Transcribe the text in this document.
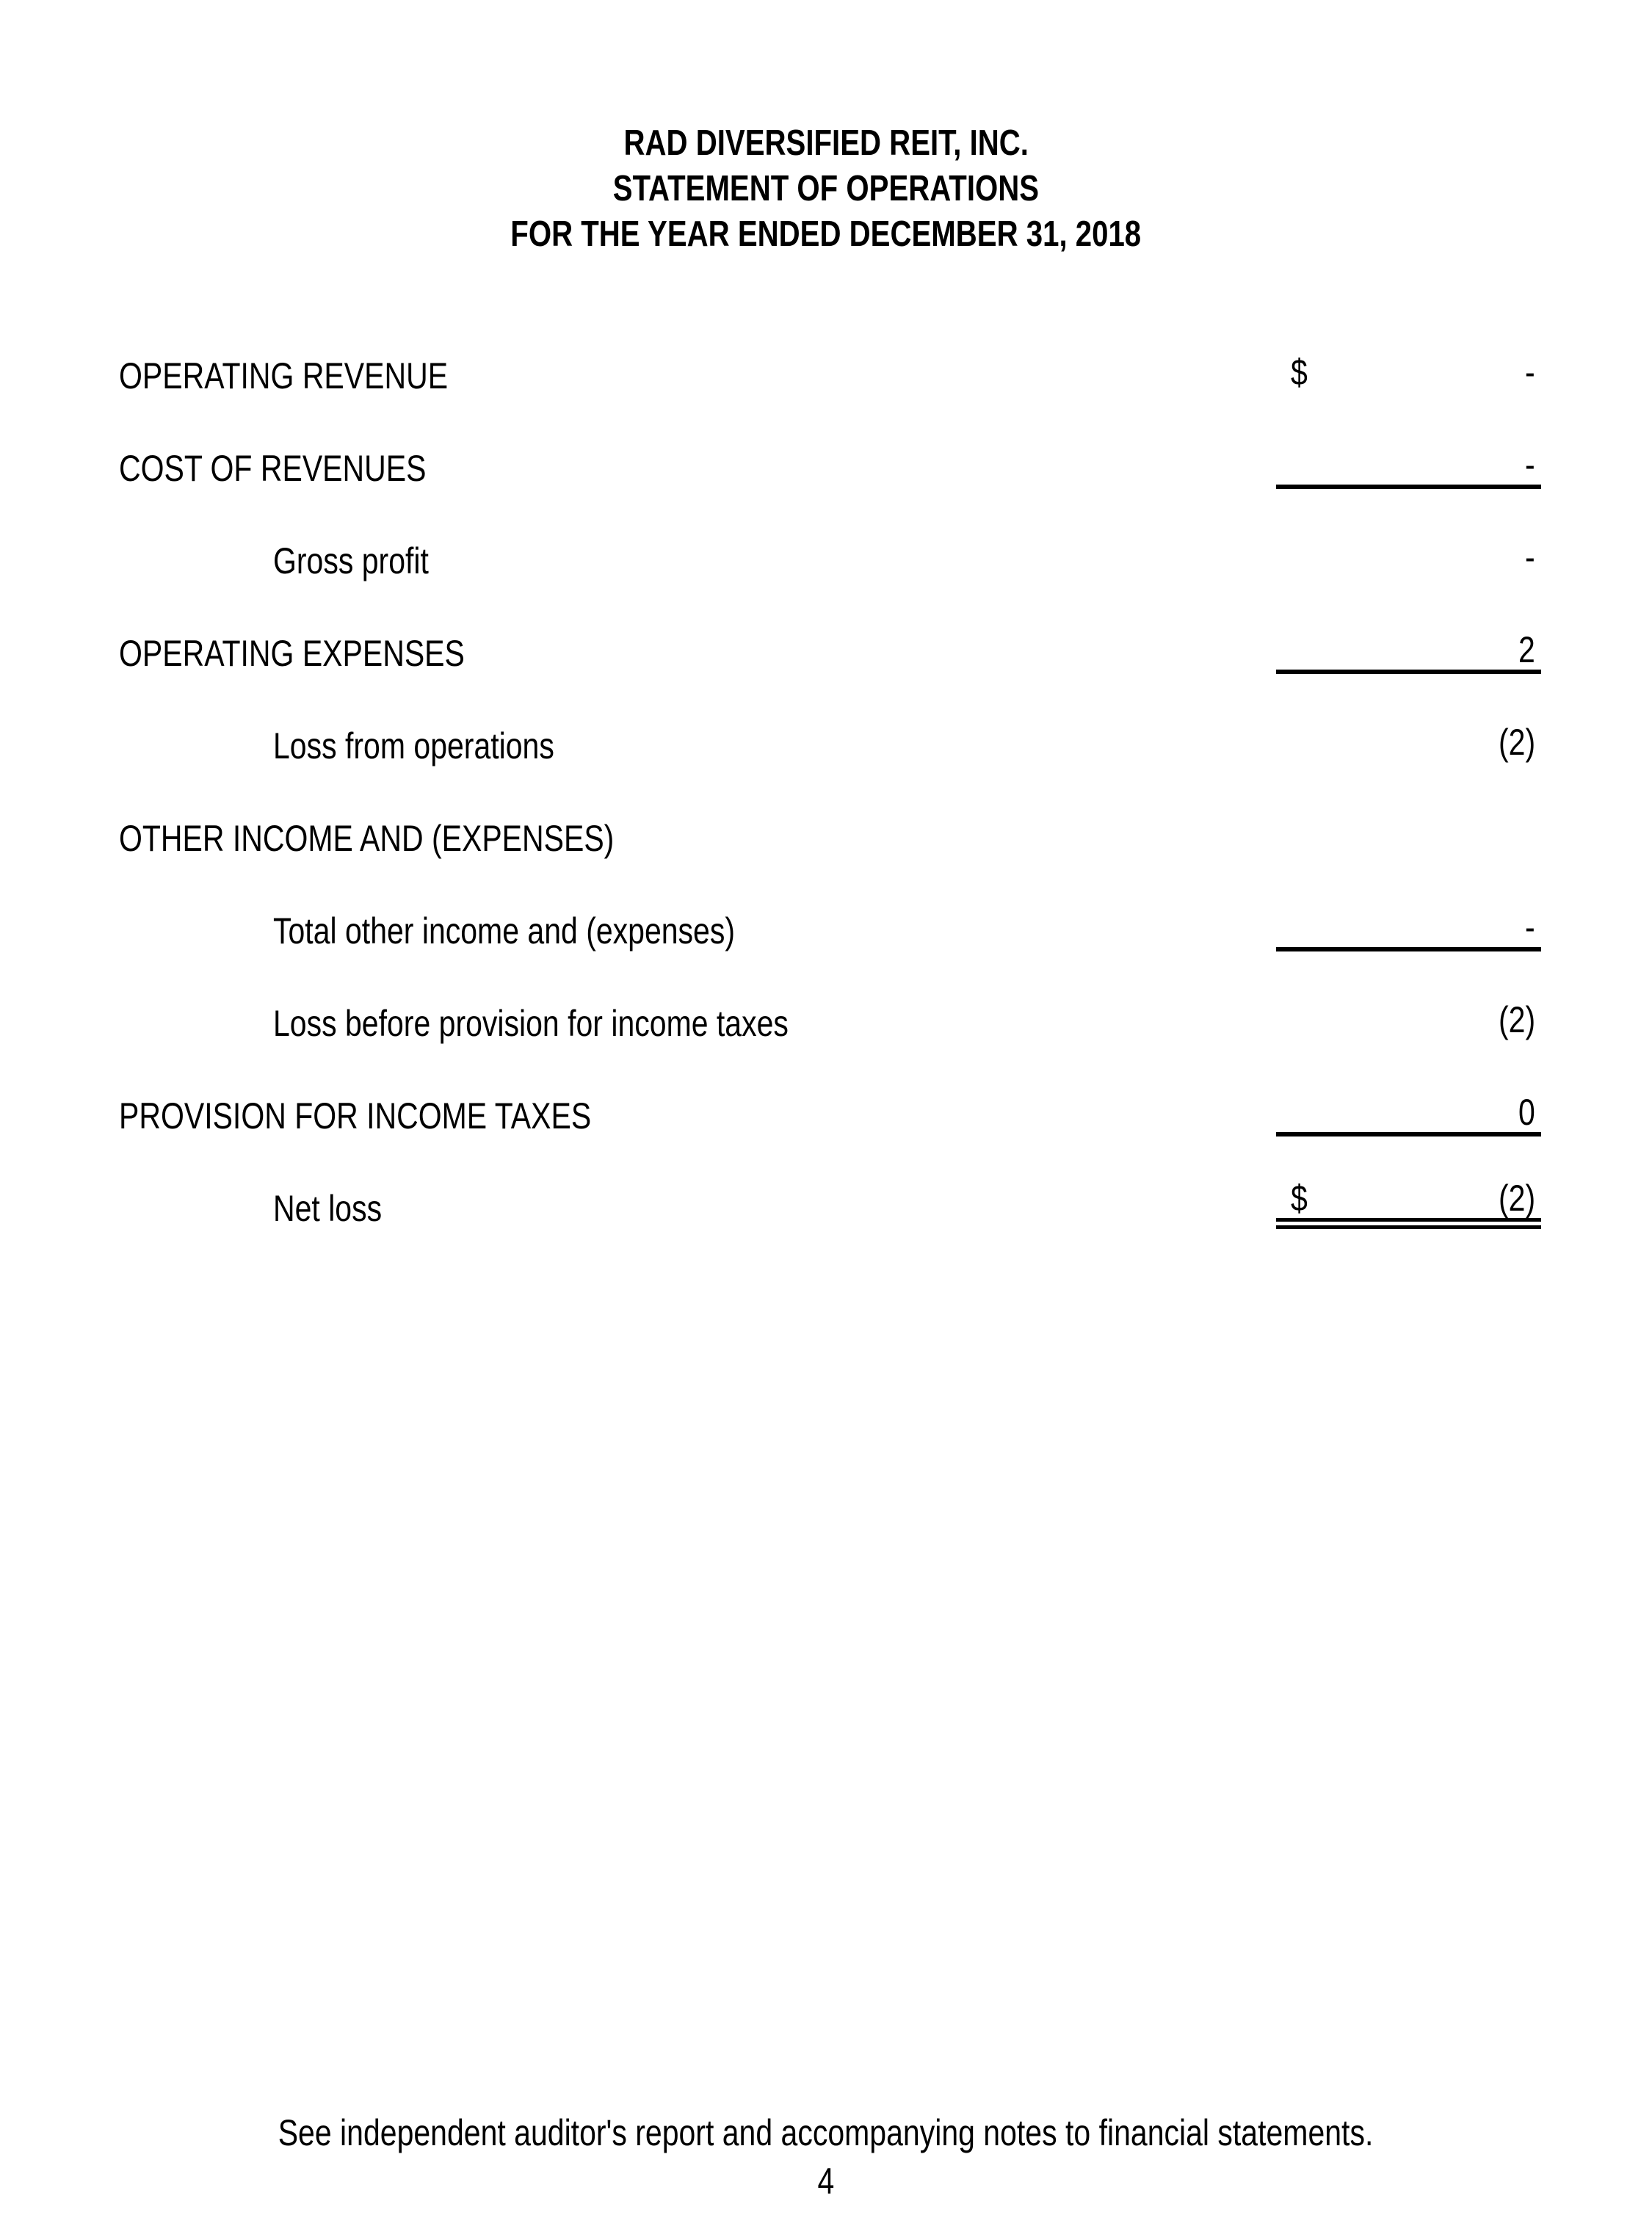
RAD DIVERSIFIED REIT, INC.
STATEMENT OF OPERATIONS
FOR THE YEAR ENDED DECEMBER 31, 2018
OPERATING REVENUE	$	-
COST OF REVENUES	-
Gross profit	-
OPERATING EXPENSES	2
Loss from operations	(2)
OTHER INCOME AND (EXPENSES)
Total other income and (expenses)	-
Loss before provision for income taxes	(2)
PROVISION FOR INCOME TAXES	0
Net loss	$	(2)
See independent auditor's report and accompanying notes to financial statements.
4
